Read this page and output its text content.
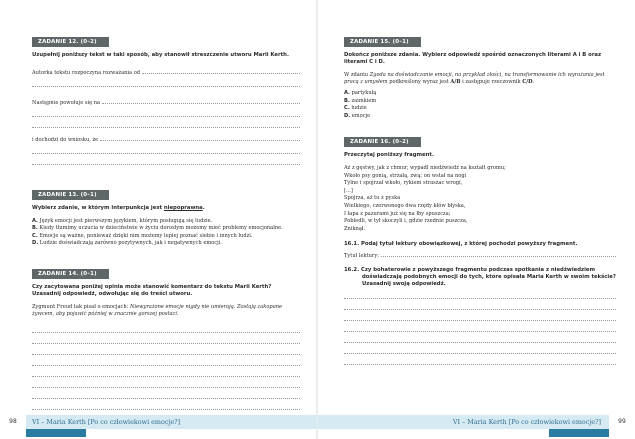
ZADANIE 12. (0–2)
Uzupełnij poniższy tekst w taki sposób, aby stanowił streszczenie utworu Marii Kerth.
Autorka tekstu rozpoczyna rozważania od
Następnie powołuje się na
i dochodzi do wniosku, że
ZADANIE 13. (0–1)
Wybierz zdanie, w którym interpunkcja jest niepoprawna.
A. Język emocji jest pierwszym językiem, którym posługują się ludzie.
B. Kiedy tłumimy uczucia w dzieciństwie w życiu dorosłym możemy mieć problemy emocjonalne.
C. Emocje są ważne, ponieważ dzięki nim możemy lepiej poznać siebie i innych ludzi.
D. Ludzie doświadczają zarówno pozytywnych, jak i negatywnych emocji.
ZADANIE 14. (0–1)
Czy zacytowana poniżej opinia może stanowić komentarz do tekstu Marii Kerth? Uzasadnij odpowiedź, odwołując się do treści utworu.
Zygmunt Freud tak pisał o emocjach: Niewyrażone emocje nigdy nie umierają. Zostają zakopane żywcem, aby pojawić później w znacznie gorszej postaci.
98	VI – Maria Kerth [Po co człowiekowi emocje?]
ZADANIE 15. (0–1)
Dokończ poniższe zdania. Wybierz odpowiedź spośród oznaczonych literami A i B oraz literami C i D.
W zdaniu Zgoda na doświadczanie emocji, na przykład złości, na transformowanie ich wyrażania jest pracą z umysłem podkreślony wyraz jest A/B i zastępuje rzeczownik C/D.
A. partykułą
B. zaimkiem
C. ludzie
D. emocje
ZADANIE 16. (0–2)
Przeczytaj poniższy fragment.
Aż z gęstwy, jak z chmur, wypadł niedźwiedź na kształt gromu;
Wkoło psy gonią, strzałą, zwą; on wstał na nogi
Tylne i spojrzał wkoło, rykiem straszac wrogi,
[...]
Spojrza, aż tu z pyska
Wielkiego, czerwonego dwa rzędy kłów błyska,
I łapa z pazurami już się na łby spuszcza;
Pobledli, w tył skoczyli i, gdzie rzednie puszcza,
Zniknął.
16.1. Podaj tytuł lektury obowiązkowej, z której pochodzi powyższy fragment.
Tytuł lektury:
16.2. Czy bohaterowie z powyższego fragmentu podczas spotkania z niedźwiedziem doświadczają podobnych emocji do tych, które opisała Maria Kerth w swoim tekście? Uzasadnij swoją odpowiedź.
VI – Maria Kerth [Po co człowiekowi emocje?]	99
